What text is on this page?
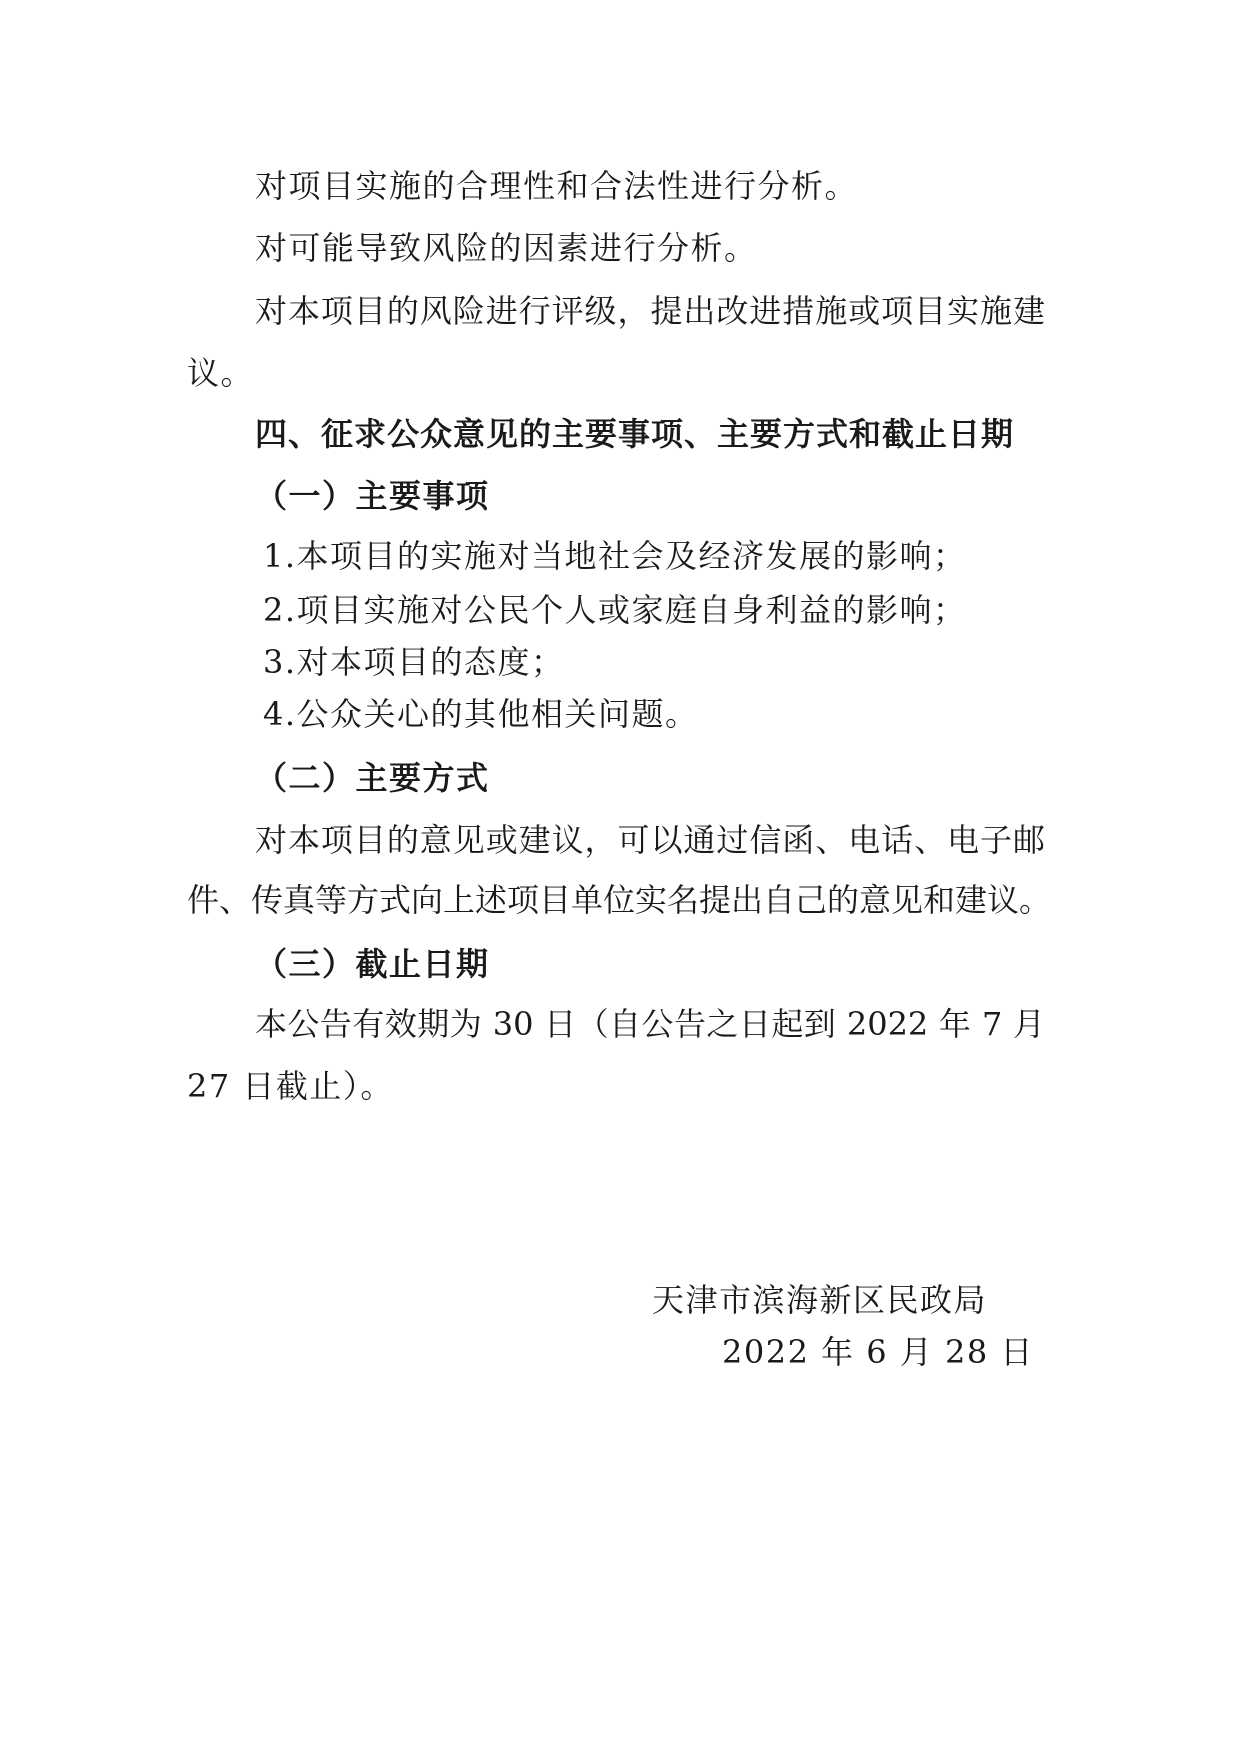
对项目实施的合理性和合法性进行分析。
对可能导致风险的因素进行分析。
对本项目的风险进行评级，提出改进措施或项目实施建
议。
四、征求公众意见的主要事项、主要方式和截止日期
（一）主要事项
1.本项目的实施对当地社会及经济发展的影响；
2.项目实施对公民个人或家庭自身利益的影响；
3.对本项目的态度；
4.公众关心的其他相关问题。
（二）主要方式
对本项目的意见或建议，可以通过信函、电话、电子邮
件、传真等方式向上述项目单位实名提出自己的意见和建议。
（三）截止日期
本公告有效期为 30 日（自公告之日起到 2022 年 7 月
27 日截止）。
天津市滨海新区民政局
2022 年 6 月 28 日
